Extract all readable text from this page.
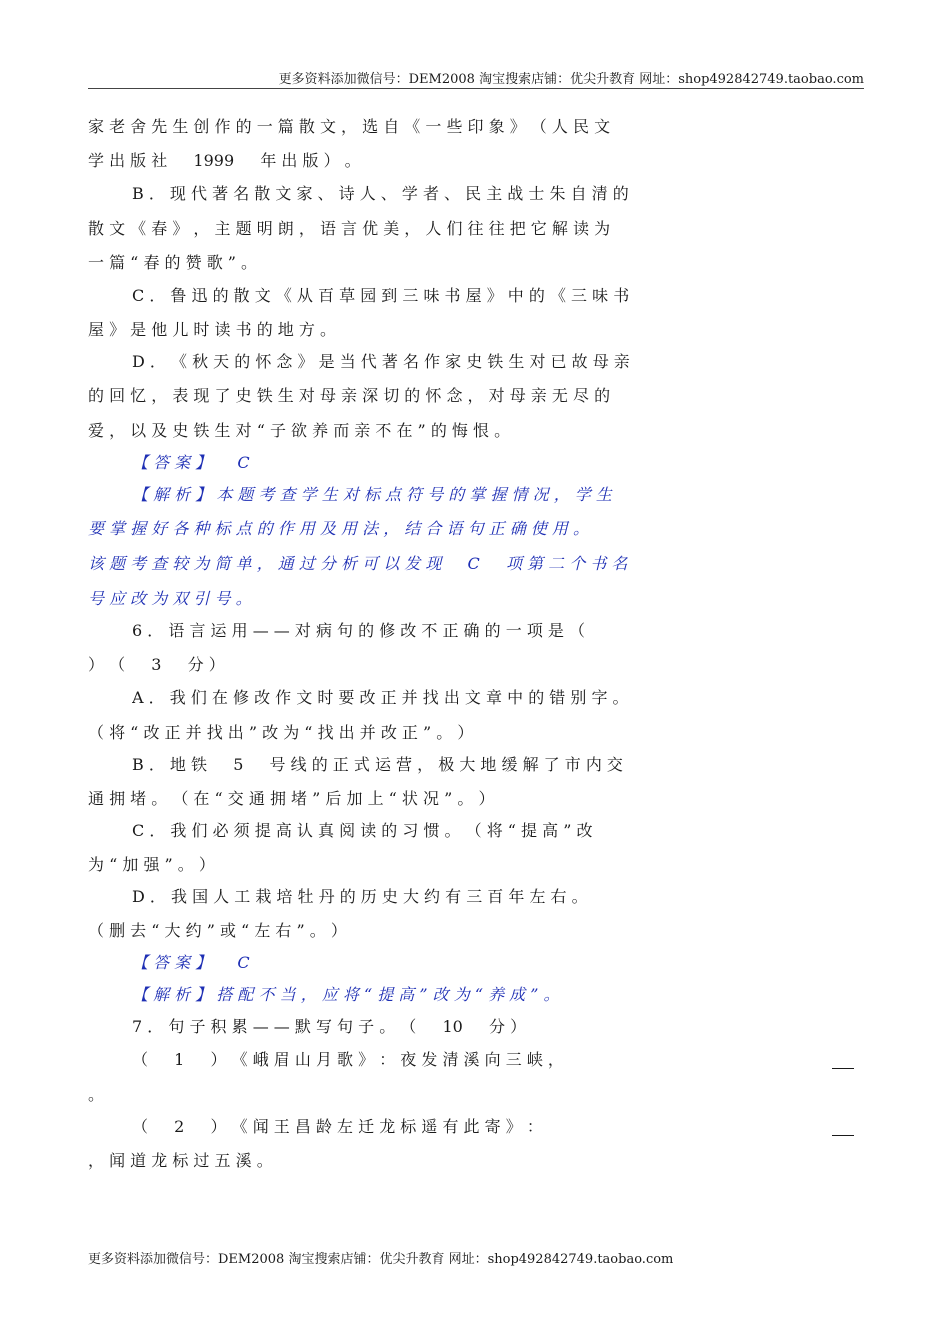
更多资料添加微信号：DEM2008 淘宝搜索店铺：优尖升教育 网址：shop492842749.taobao.com
家 老 舍 先 生 创 作 的 一 篇 散 文 ， 选 自 《 一 些 印 象 》 （ 人 民 文
学 出 版 社 　 1999 　 年 出 版 ） 。
B ． 现 代 著 名 散 文 家 、 诗 人 、 学 者 、 民 主 战 士 朱 自 清 的
散 文 《 春 》 ， 主 题 明 朗 ， 语 言 优 美 ， 人 们 往 往 把 它 解 读 为
一 篇 “ 春 的 赞 歌 ” 。
C ． 鲁 迅 的 散 文 《 从 百 草 园 到 三 味 书 屋 》 中 的 《 三 味 书
屋 》 是 他 儿 时 读 书 的 地 方 。
D ． 《 秋 天 的 怀 念 》 是 当 代 著 名 作 家 史 铁 生 对 已 故 母 亲
的 回 忆 ， 表 现 了 史 铁 生 对 母 亲 深 切 的 怀 念 ， 对 母 亲 无 尽 的
爱 ， 以 及 史 铁 生 对 “ 子 欲 养 而 亲 不 在 ” 的 悔 恨 。
【 答 案 】 　 C
【 解 析 】 本 题 考 查 学 生 对 标 点 符 号 的 掌 握 情 况 ， 学 生
要 掌 握 好 各 种 标 点 的 作 用 及 用 法 ， 结 合 语 句 正 确 使 用 。
该 题 考 查 较 为 简 单 ， 通 过 分 析 可 以 发 现 　 C 　 项 第 二 个 书 名
号 应 改 为 双 引 号 。
6 ． 语 言 运 用 — — 对 病 句 的 修 改 不 正 确 的 一 项 是 （
） （ 　 3 　 分 ）
A ． 我 们 在 修 改 作 文 时 要 改 正 并 找 出 文 章 中 的 错 别 字 。
（ 将 “ 改 正 并 找 出 ” 改 为 “ 找 出 并 改 正 ” 。 ）
B ． 地 铁 　 5 　 号 线 的 正 式 运 营 ， 极 大 地 缓 解 了 市 内 交
通 拥 堵 。 （ 在 “ 交 通 拥 堵 ” 后 加 上 “ 状 况 ” 。 ）
C ． 我 们 必 须 提 高 认 真 阅 读 的 习 惯 。 （ 将 “ 提 高 ” 改
为 “ 加 强 ” 。 ）
D ． 我 国 人 工 栽 培 牡 丹 的 历 史 大 约 有 三 百 年 左 右 。
（ 删 去 “ 大 约 ” 或 “ 左 右 ” 。 ）
【 答 案 】 　 C
【 解 析 】 搭 配 不 当 ， 应 将 “ 提 高 ” 改 为 “ 养 成 ” 。
7 ． 句 子 积 累 — — 默 写 句 子 。 （ 　 10 　 分 ）
（ 　 1 　 ） 《 峨 眉 山 月 歌 》 ： 夜 发 清 溪 向 三 峡 ，
。
（ 　 2 　 ） 《 闻 王 昌 龄 左 迁 龙 标 遥 有 此 寄 》 ：
， 闻 道 龙 标 过 五 溪 。
更多资料添加微信号：DEM2008 淘宝搜索店铺：优尖升教育 网址：shop492842749.taobao.com
